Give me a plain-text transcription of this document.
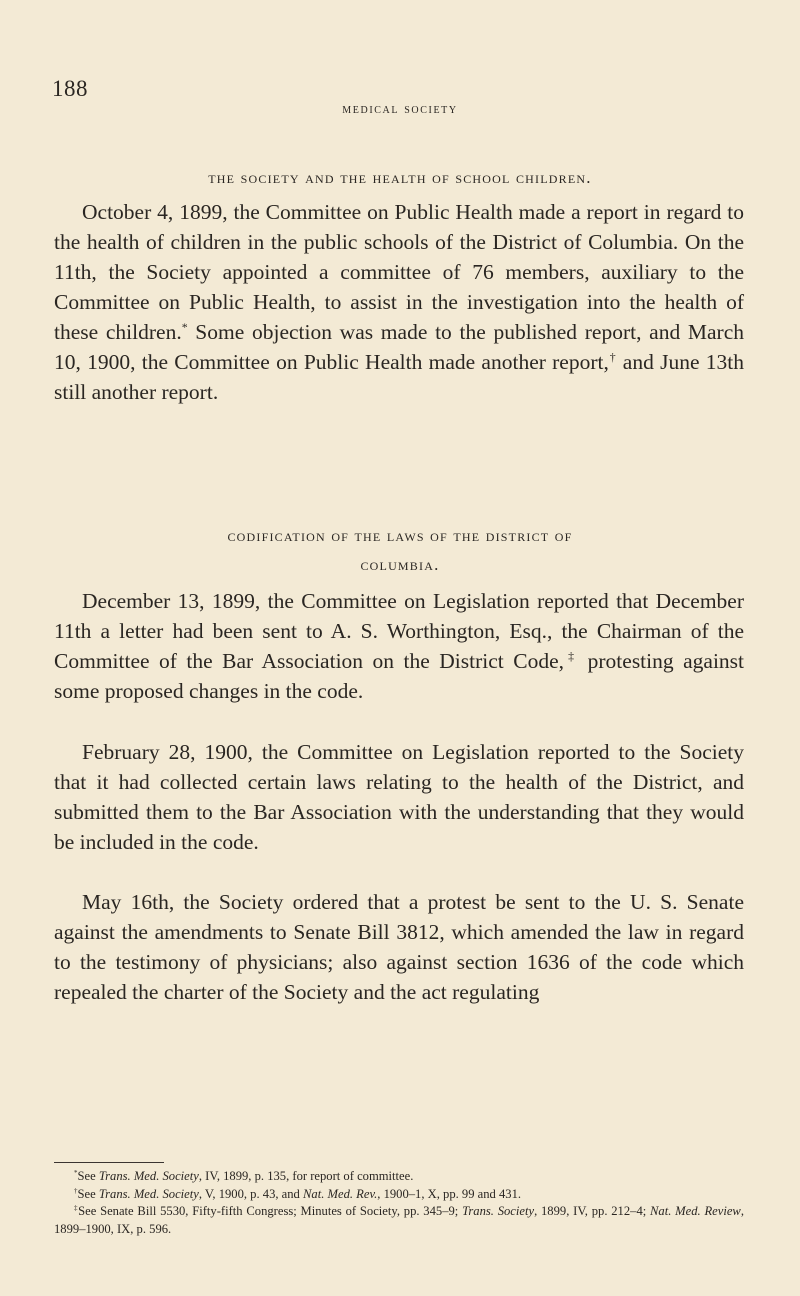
188
medical society
the society and the health of school children.

October 4, 1899, the Committee on Public Health made a report in regard to the health of children in the public schools of the District of Columbia. On the 11th, the Society appointed a committee of 76 members, auxiliary to the Committee on Public Health, to assist in the investigation into the health of these children.* Some objection was made to the published report, and March 10, 1900, the Committee on Public Health made another report,† and June 13th still another report.

codification of the laws of the district of
columbia.

December 13, 1899, the Committee on Legislation reported that December 11th a letter had been sent to A. S. Worthington, Esq., the Chairman of the Committee of the Bar Association on the District Code,‡ protesting against some proposed changes in the code.

February 28, 1900, the Committee on Legislation reported to the Society that it had collected certain laws relating to the health of the District, and submitted them to the Bar Association with the understanding that they would be included in the code.

May 16th, the Society ordered that a protest be sent to the U. S. Senate against the amendments to Senate Bill 3812, which amended the law in regard to the testimony of physicians; also against section 1636 of the code which repealed the charter of the Society and the act regulating

*See Trans. Med. Society, IV, 1899, p. 135, for report of committee.

†See Trans. Med. Society, V, 1900, p. 43, and Nat. Med. Rev., 1900–1, X, pp. 99 and 431.

‡See Senate Bill 5530, Fifty-fifth Congress; Minutes of Society, pp. 345–9; Trans. Society, 1899, IV, pp. 212–4; Nat. Med. Review, 1899–1900, IX, p. 596.
